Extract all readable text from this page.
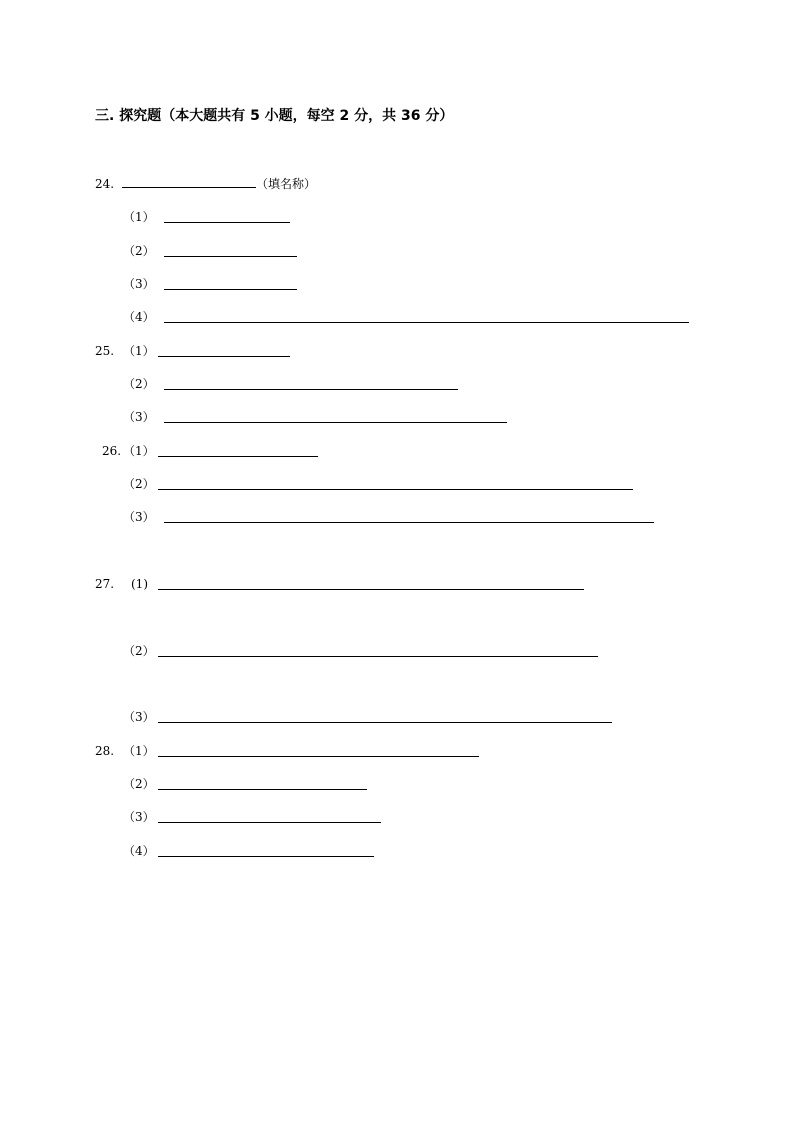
三. 探究题（本大题共有 5 小题，每空 2 分，共 36 分）
24.	（填名称）
（1）
（2）
（3）
（4）
25. （1）
（2）
（3）
26. （1）
（2）
（3）
27. (1)
（2）
（3）
28. （1）
（2）
（3）
（4）
